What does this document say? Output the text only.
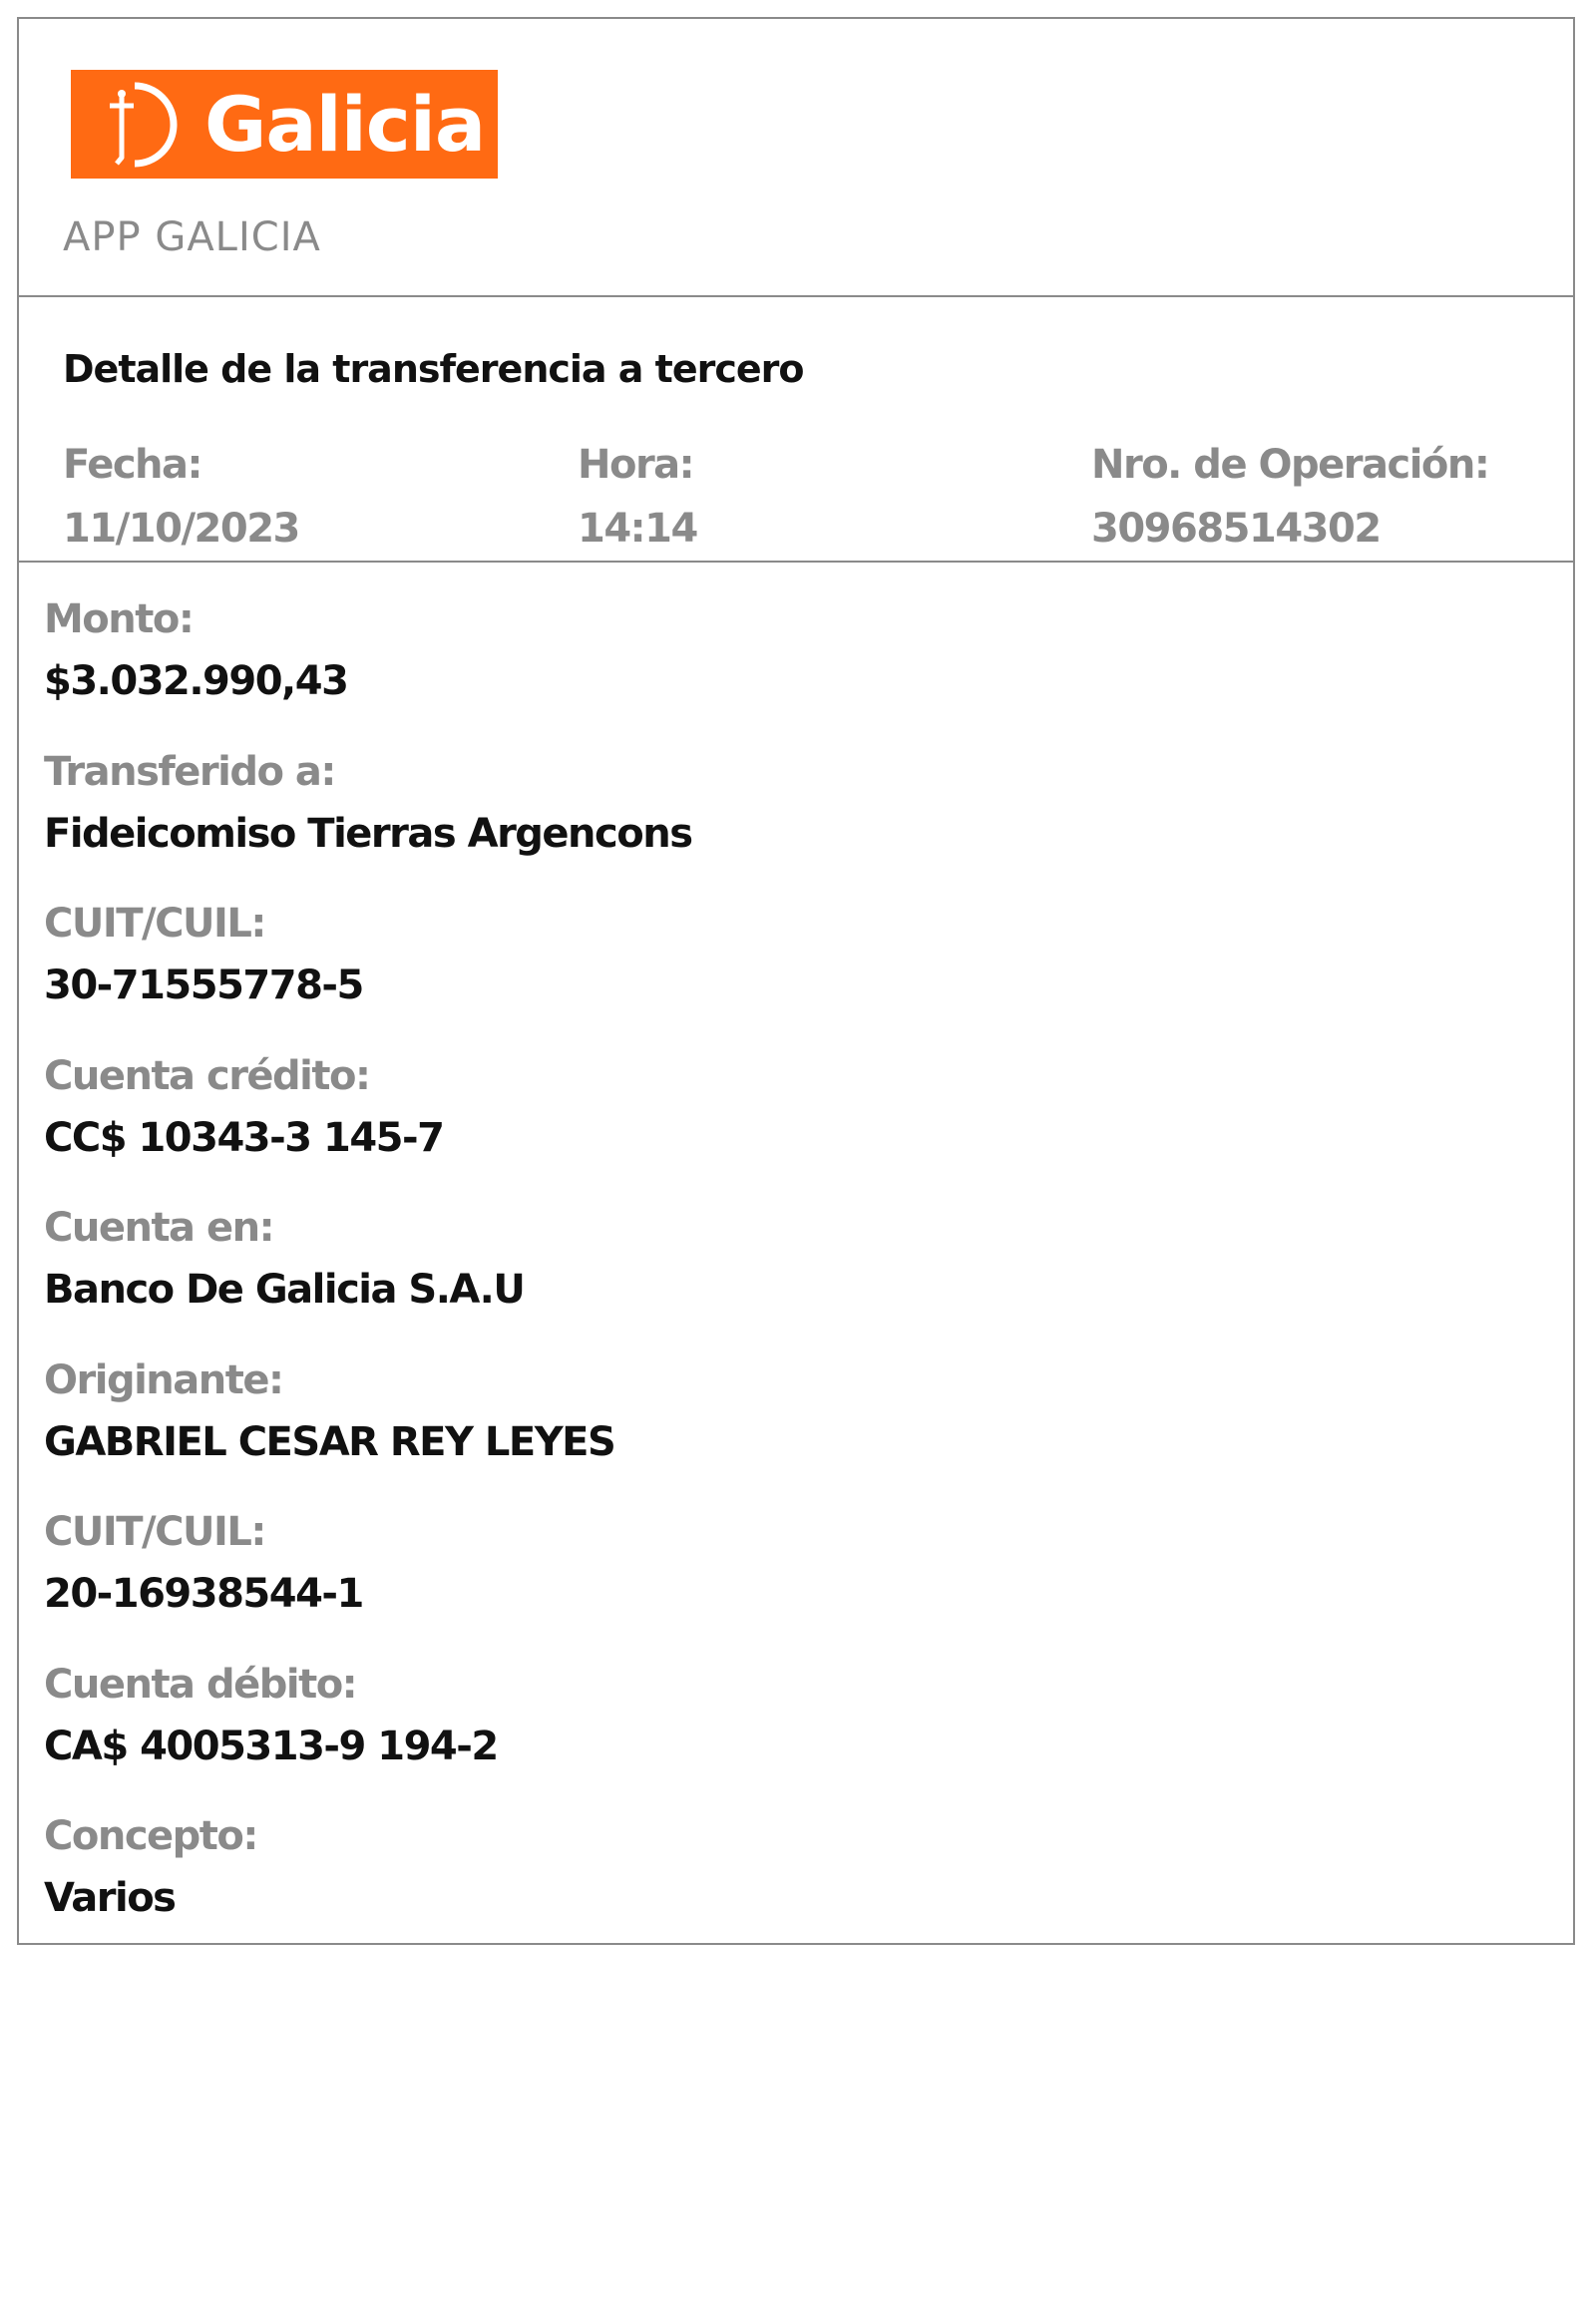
Galicia
APP GALICIA
Detalle de la transferencia a tercero
Fecha:
11/10/2023
Hora:
14:14
Nro. de Operación:
30968514302
Monto:
$3.032.990,43
Transferido a:
Fideicomiso Tierras Argencons
CUIT/CUIL:
30-71555778-5
Cuenta crédito:
CC$ 10343-3 145-7
Cuenta en:
Banco De Galicia S.A.U
Originante:
GABRIEL CESAR REY LEYES
CUIT/CUIL:
20-16938544-1
Cuenta débito:
CA$ 4005313-9 194-2
Concepto:
Varios
